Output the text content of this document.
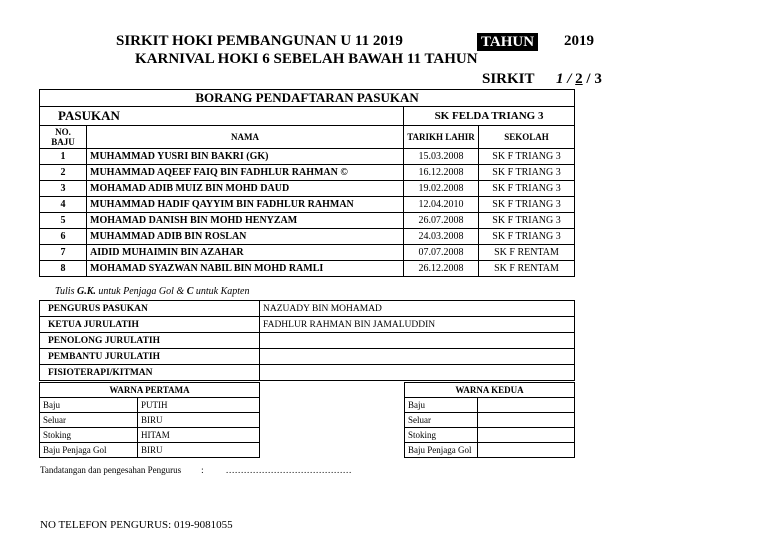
SIRKIT HOKI PEMBANGUNAN U 11 2019
KARNIVAL HOKI 6 SEBELAH BAWAH 11 TAHUN
TAHUN 2019
SIRKIT 1 / 2 / 3
BORANG PENDAFTARAN PASUKAN			
PASUKAN		SK FELDA TRIANG 3	
NO. BAJU	NAMA	TARIKH LAHIR	SEKOLAH
1	MUHAMMAD YUSRI BIN BAKRI (GK)	15.03.2008	SK F TRIANG 3
2	MUHAMMAD AQEEF FAIQ BIN FADHLUR RAHMAN ©	16.12.2008	SK F TRIANG 3
3	MOHAMAD ADIB MUIZ BIN MOHD DAUD	19.02.2008	SK F TRIANG 3
4	MUHAMMAD HADIF QAYYIM BIN FADHLUR RAHMAN	12.04.2010	SK F TRIANG 3
5	MOHAMAD DANISH BIN MOHD HENYZAM	26.07.2008	SK F TRIANG 3
6	MUHAMMAD ADIB BIN ROSLAN	24.03.2008	SK F TRIANG 3
7	AIDID MUHAIMIN BIN AZAHAR	07.07.2008	SK F RENTAM
8	MOHAMAD SYAZWAN NABIL BIN MOHD RAMLI	26.12.2008	SK F RENTAM
Tulis G.K. untuk Penjaga Gol & C untuk Kapten
PENGURUS PASUKAN	NAZUADY BIN MOHAMAD
KETUA JURULATIH	FADHLUR RAHMAN BIN JAMALUDDIN
PENOLONG JURULATIH	
PEMBANTU JURULATIH	
FISIOTERAPI/KITMAN	
WARNA PERTAMA	
Baju	PUTIH
Seluar	BIRU
Stoking	HITAM
Baju Penjaga Gol	BIRU
WARNA KEDUA	
Baju	
Seluar	
Stoking	
Baju Penjaga Gol	
Tandatangan dan pengesahan Pengurus : ……………………………………
NO TELEFON PENGURUS: 019-9081055
